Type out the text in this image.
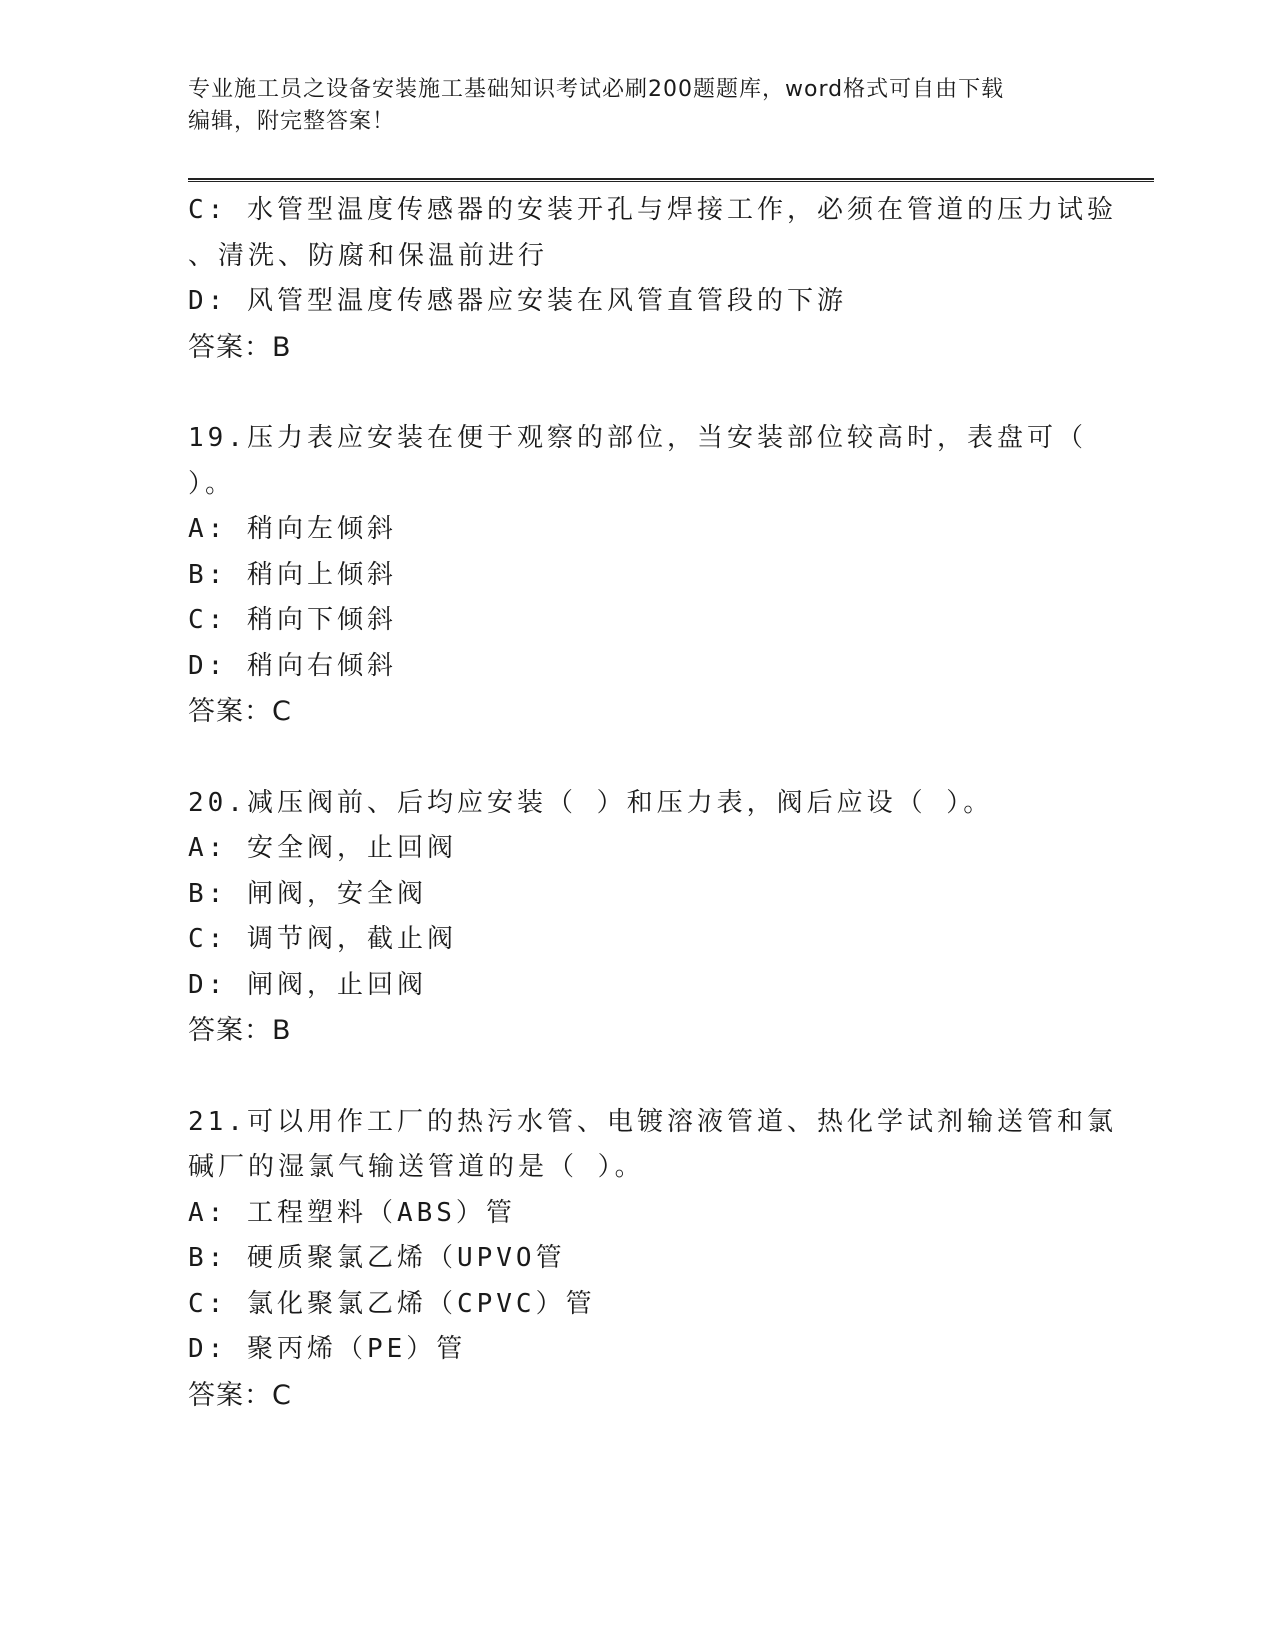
专业施工员之设备安装施工基础知识考试必刷200题题库，word格式可自由下载
编辑，附完整答案！
C: 水管型温度传感器的安装开孔与焊接工作，必须在管道的压力试验
、清洗、防腐和保温前进行
D: 风管型温度传感器应安装在风管直管段的下游
答案：B
19.压力表应安装在便于观察的部位，当安装部位较高时，表盘可（
）。
A: 稍向左倾斜
B: 稍向上倾斜
C: 稍向下倾斜
D: 稍向右倾斜
答案：C
20.减压阀前、后均应安装（ ）和压力表，阀后应设（ ）。
A: 安全阀，止回阀
B: 闸阀，安全阀
C: 调节阀，截止阀
D: 闸阀，止回阀
答案：B
21.可以用作工厂的热污水管、电镀溶液管道、热化学试剂输送管和氯
碱厂的湿氯气输送管道的是（ ）。
A: 工程塑料（ABS）管
B: 硬质聚氯乙烯（UPVO管
C: 氯化聚氯乙烯（CPVC）管
D: 聚丙烯（PE）管
答案：C
